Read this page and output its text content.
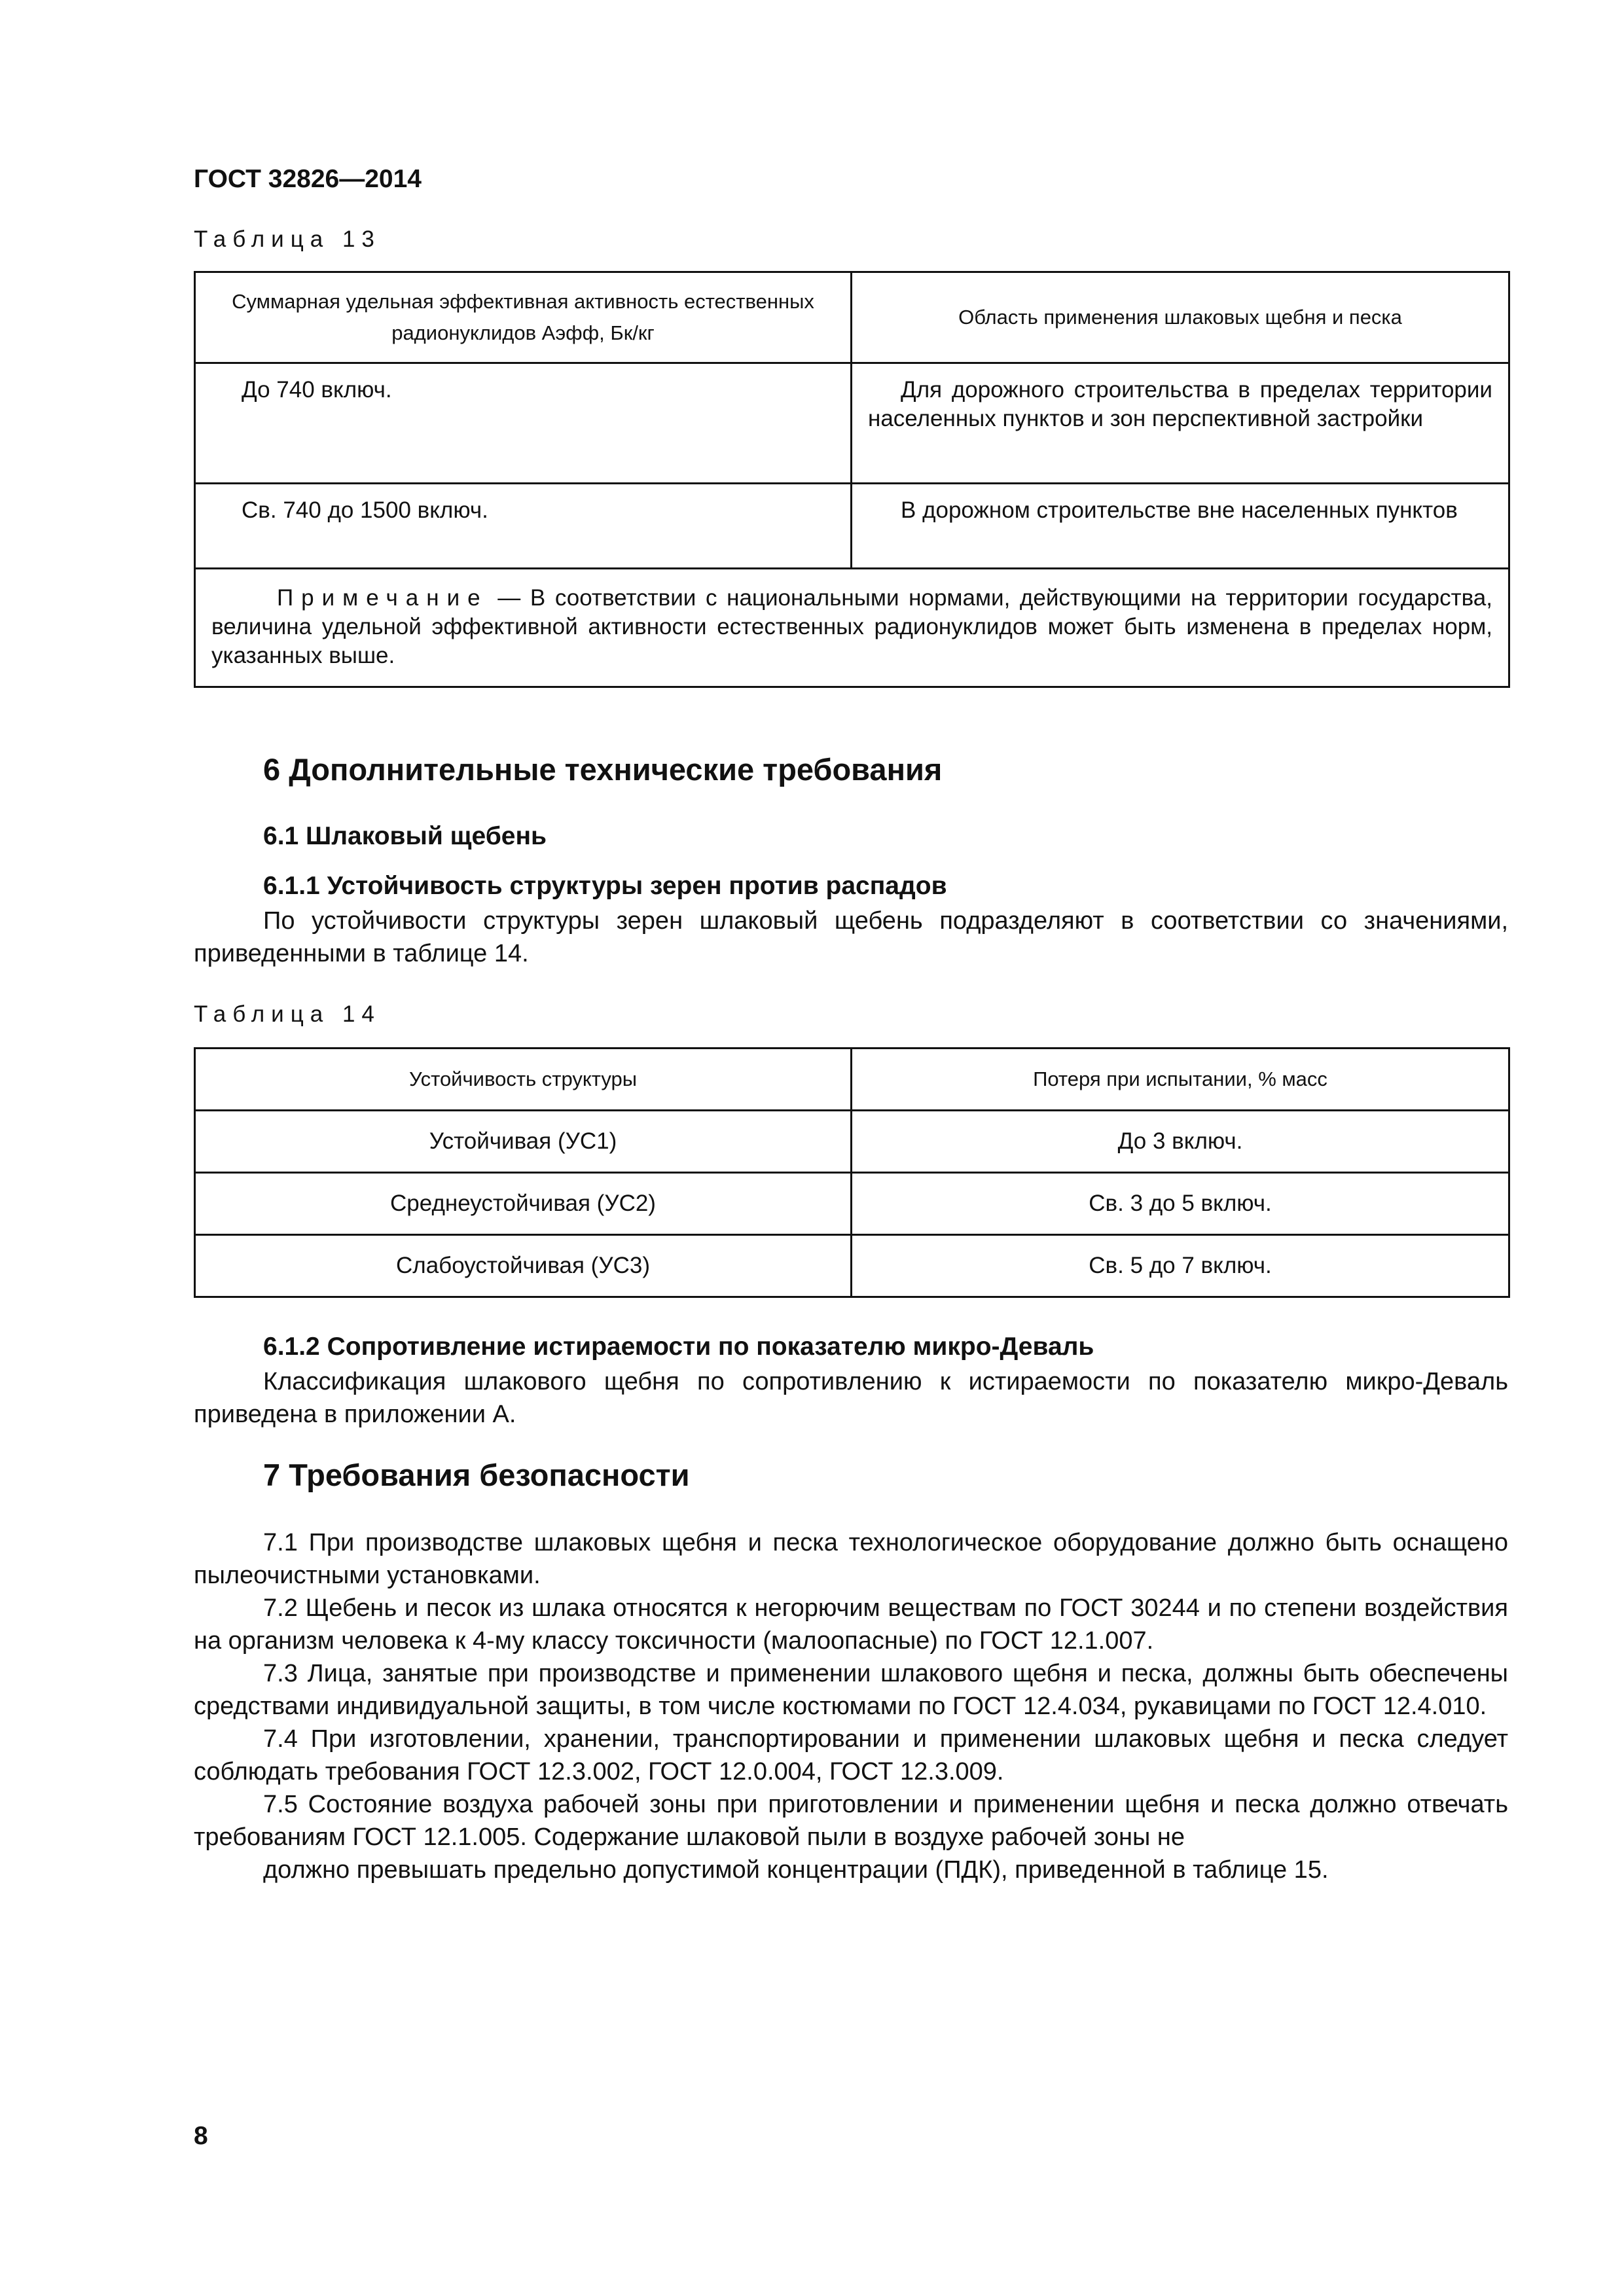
ГОСТ 32826—2014
Таблица 13
Суммарная удельная эффективная активность естественных радионуклидов Aэфф, Бк/кг	Область применения шлаковых щебня и песка

До 740 включ.	Для дорожного строительства в пределах территории населенных пунктов и зон перспективной застройки
Св. 740 до 1500 включ.	В дорожном строительстве вне населенных пунктов
Примечание — В соответствии с национальными нормами, действующими на территории государства, величина удельной эффективной активности естественных радионуклидов может быть изменена в пределах норм, указанных выше.	
6 Дополнительные технические требования
6.1 Шлаковый щебень
6.1.1 Устойчивость структуры зерен против распадов

По устойчивости структуры зерен шлаковый щебень подразделяют в соответствии со значениями, приведенными в таблице 14.

Таблица 14
Устойчивость структуры	Потеря при испытании, % масс
Устойчивая (УС1)	До 3 включ.
Среднеустойчивая (УС2)	Св. 3 до 5 включ.
Слабоустойчивая (УС3)	Св. 5 до 7 включ.
6.1.2 Сопротивление истираемости по показателю микро-Деваль

Классификация шлакового щебня по сопротивлению к истираемости по показателю микро-Деваль приведена в приложении А.

7 Требования безопасности

7.1 При производстве шлаковых щебня и песка технологическое оборудование должно быть оснащено пылеочистными установками.

7.2 Щебень и песок из шлака относятся к негорючим веществам по ГОСТ 30244 и по степени воздействия на организм человека к 4-му классу токсичности (малоопасные) по ГОСТ 12.1.007.

7.3 Лица, занятые при производстве и применении шлакового щебня и песка, должны быть обеспечены средствами индивидуальной защиты, в том числе костюмами по ГОСТ 12.4.034, рукавицами по ГОСТ 12.4.010.

7.4 При изготовлении, хранении, транспортировании и применении шлаковых щебня и песка следует соблюдать требования ГОСТ 12.3.002, ГОСТ 12.0.004, ГОСТ 12.3.009.

7.5 Состояние воздуха рабочей зоны при приготовлении и применении щебня и песка должно отвечать требованиям ГОСТ 12.1.005. Содержание шлаковой пыли в воздухе рабочей зоны не

должно превышать предельно допустимой концентрации (ПДК), приведенной в таблице 15.

8
